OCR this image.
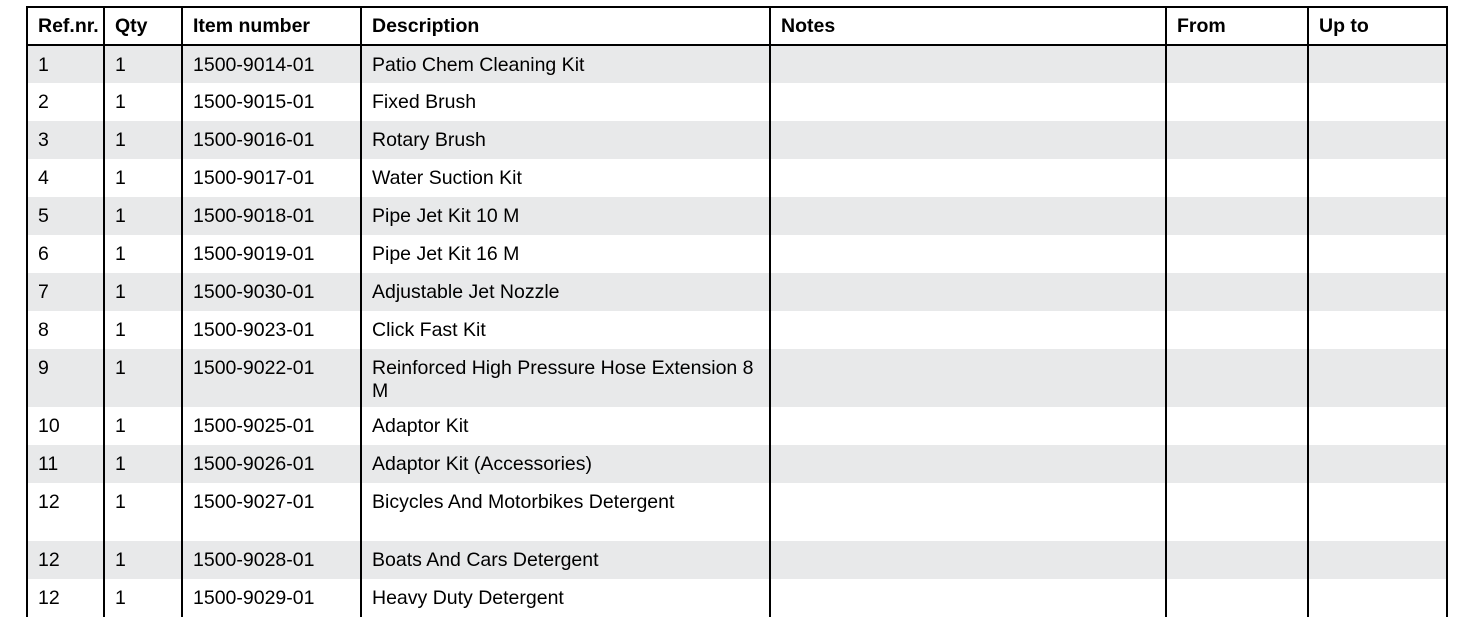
Ref.nr.	Qty	Item number	Description	Notes	From	Up to
1	1	1500-9014-01	Patio Chem Cleaning Kit			
2	1	1500-9015-01	Fixed Brush			
3	1	1500-9016-01	Rotary Brush			
4	1	1500-9017-01	Water Suction Kit			
5	1	1500-9018-01	Pipe Jet Kit 10 M			
6	1	1500-9019-01	Pipe Jet Kit 16 M			
7	1	1500-9030-01	Adjustable Jet Nozzle			
8	1	1500-9023-01	Click Fast Kit			
9	1	1500-9022-01	Reinforced High Pressure Hose Extension 8 M			
10	1	1500-9025-01	Adaptor Kit			
11	1	1500-9026-01	Adaptor Kit (Accessories)			
12	1	1500-9027-01	Bicycles And Motorbikes Detergent			
12	1	1500-9028-01	Boats And Cars Detergent			
12	1	1500-9029-01	Heavy Duty Detergent			
